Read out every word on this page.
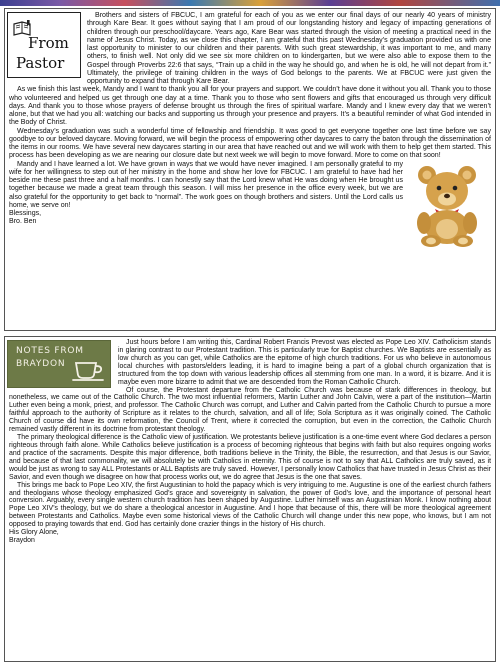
From
Pastor

Brothers and sisters of FBCUC, I am grateful for each of you as we enter our final days of our nearly 40 years of ministry through Kare Bear. It goes without saying that I am proud of our longstanding history and legacy of impacting generations of children through our preschool/daycare. Years ago, Kare Bear was started through the vision of meeting a practical need in the name of Jesus Christ. Today, as we close this chapter, I am grateful that this past Wednesday’s graduation provided us with one last opportunity to minister to our children and their parents. With such great stewardship, it was important to me, and many others, to finish well. Not only did we see six more children on to kindergarten, but we were also able to expose them to the Gospel through Proverbs 22:6 that says, “Train up a child in the way he should go, and when he is old, he will not depart from it.” Ultimately, the privilege of training children in the ways of God belongs to the parents. We at FBCUC were just given the opportunity to expand that through Kare Bear.

As we finish this last week, Mandy and I want to thank you all for your prayers and support. We couldn’t have done it without you all. Thank you to those who volunteered and helped us get through one day at a time. Thank you to those who sent flowers and gifts that encouraged us through very difficult days. And thank you to those whose prayers of defense brought us through the fires of spiritual warfare. Mandy and I knew every day that we weren’t alone, but that we had you all: watching our backs and supporting us through your presence and prayers. It’s a beautiful reminder of what God intended in the Body of Christ.

Wednesday’s graduation was such a wonderful time of fellowship and friendship. It was good to get everyone together one last time before we say goodbye to our beloved daycare. Moving forward, we will begin the process of empowering other daycares to carry the baton through the dissemination of the items in our rooms. We have several new daycares starting in our area that have reached out and we will work with them to help get them started. This process has been developing as we are nearing our closure date but next week we will begin to move forward. More to come on that soon!

Mandy and I have learned a lot. We have grown in ways that we would have never imagined. I am personally grateful to my wife for her willingness to step out of her ministry in the home and show her love for FBCUC. I am grateful to have had her beside me these past three and a half months. I can honestly say that the Lord knew what He was doing when He brought us together because we made a great team through this season. I will miss her presence in the office every week, but we are also grateful for the opportunity to get back to “normal”. The work goes on though brothers and sisters. Until the Lord calls us home, we serve on!

Blessings,

Bro. Ben

NOTES FROM
BRAYDON

Just hours before I am writing this, Cardinal Robert Francis Prevost was elected as Pope Leo XIV. Catholicism stands in glaring contrast to our Protestant tradition. This is particularly true for Baptist churches. We Baptists are essentially as low church as you can get, while Catholics are the epitome of high church traditions. For us who believe in autonomous local churches with pastors/elders leading, it is hard to imagine being a part of a global church organization that is structured from the top down with various leadership offices all stemming from one man. In a word, it is bizarre. And it is maybe even more bizarre to admit that we are descended from the Roman Catholic Church.

Of course, the Protestant departure from the Catholic Church was because of stark differences in theology, but nonetheless, we came out of the Catholic Church. The two most influential reformers, Martin Luther and John Calvin, were a part of the institution—Martin Luther even being a monk, priest, and professor. The Catholic Church was corrupt, and Luther and Calvin parted from the Catholic Church to pursue a more faithful approach to the authority of Scripture as it relates to the church, salvation, and all of life; Sola Scriptura as it was originally coined. The Catholic Church of course did have its own reformation, the Council of Trent, where it corrected the corruption, but even in the correction, the Catholic Church remained vastly different in its doctrine from protestant theology.

The primary theological difference is the Catholic view of justification. We protestants believe justification is a one-time event where God declares a person righteous through faith alone. While Catholics believe justification is a process of becoming righteous that begins with faith but also requires ongoing works and practice of the sacraments. Despite this major difference, both traditions believe in the Trinity, the Bible, the resurrection, and that Jesus is our Savior, and because of that last commonality, we will absolutely be with Catholics in eternity. This of course is not to say that ALL Catholics are truly saved, as it would be just as wrong to say ALL Protestants or ALL Baptists are truly saved. However, I personally know Catholics that have trusted in Jesus Christ as their Savior, and even though we disagree on how that process works out, we do agree that Jesus is the one that saves.

This brings me back to Pope Leo XIV, the first Augustinian to hold the papacy which is very intriguing to me. Augustine is one of the earliest church fathers and theologians whose theology emphasized God’s grace and sovereignty in salvation, the power of God’s love, and the importance of personal heart conversion. Arguably, every single western church tradition has been shaped by Augustine. Luther himself was an Augustinian Monk. I know nothing about Pope Leo XIV’s theology, but we do share a theological ancestor in Augustine. And I hope that because of this, there will be more theological agreement between Protestants and Catholics. Maybe even some historical views of the Catholic Church will change under this new pope, who knows, but I am not opposed to praying towards that end. God has certainly done crazier things in the history of His church.

His Glory Alone,

Braydon
